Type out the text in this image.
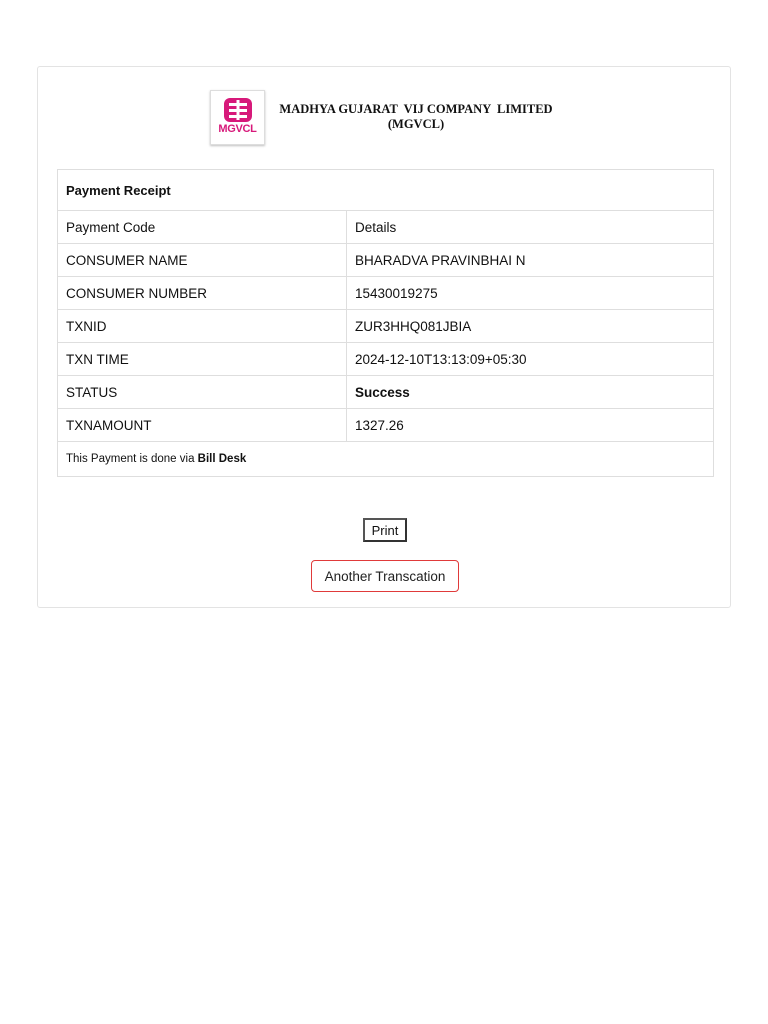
MGVCL
MADHYA GUJARAT  VIJ COMPANY  LIMITED
(MGVCL)
Payment Receipt	
Payment Code	Details
CONSUMER NAME	BHARADVA PRAVINBHAI N
CONSUMER NUMBER	15430019275
TXNID	ZUR3HHQ081JBIA
TXN TIME	2024-12-10T13:13:09+05:30
STATUS	Success
TXNAMOUNT	1327.26
This Payment is done via Bill Desk	
Print
Another Transcation
